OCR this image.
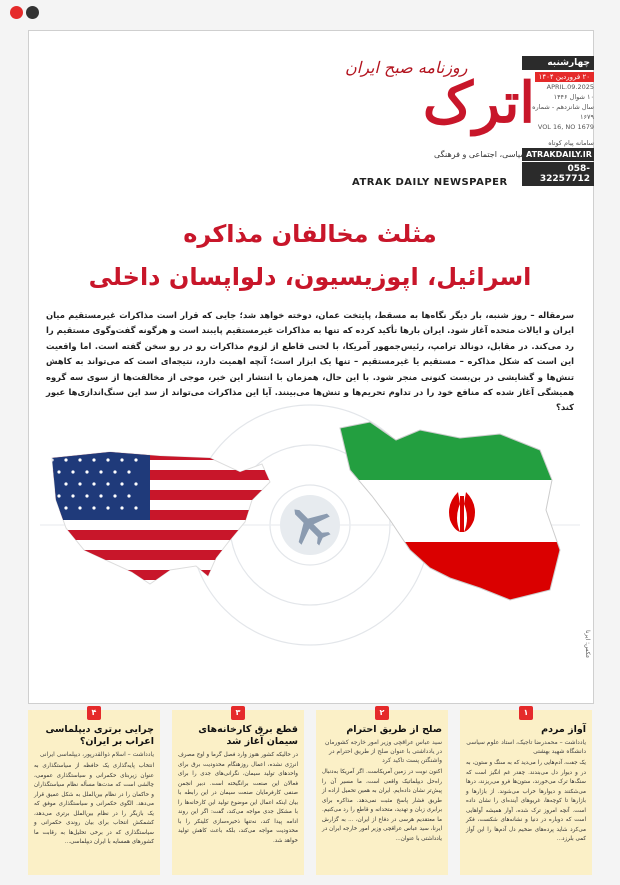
چهارشنبه
۲۰ فروردین ۱۴۰۴
APRIL.09.2025
۱۰ شوال ۱۴۴۶
سال شانزدهم - شماره ۱۶۷۹
VOL 16, NO 1679
سامانه پیام کوتاه
ATRAKDAILY.IR
058-32257712
روزنامه صبح ایران
اترک
سیاسی، اجتماعی و فرهنگی
ATRAK DAILY NEWSPAPER
مثلث مخالفان مذاکره
اسرائیل، اپوزیسیون، دلواپسان داخلی
سرمقاله – روز شنبه، بار دیگر نگاه‌ها به مسقط، پایتخت عمان، دوخته خواهد شد؛ جایی که قرار است مذاکرات غیرمستقیم میان ایران و ایالات متحده آغاز شود. ایران بارها تأکید کرده که تنها به مذاکرات غیرمستقیم پایبند است و هرگونه گفت‌وگوی مستقیم را رد می‌کند. در مقابل، دونالد ترامپ، رئیس‌جمهور آمریکا، با لحنی قاطع از لزوم مذاکرات رو در رو سخن گفته است. اما واقعیت این است که شکل مذاکره – مستقیم یا غیرمستقیم – تنها یک ابزار است؛ آنچه اهمیت دارد، نتیجه‌ای است که می‌تواند به کاهش تنش‌ها و گشایشی در بن‌بست کنونی منجر شود. با این حال، همزمان با انتشار این خبر، موجی از مخالفت‌ها از سوی سه گروه همیشگی آغاز شده که منافع خود را در تداوم تحریم‌ها و تنش‌ها می‌بینند. آیا این مذاکرات می‌تواند از سد این سنگ‌اندازی‌ها عبور کند؟
عکس: ایرنا
۱
آواز مردم
یادداشت – محمدرضا تاجیک، استاد علوم سیاسی دانشگاه شهید بهشتی

یک جفت، آدم‌هایی را می‌دید که به سنگ و ستون، به در و دیوار دل می‌بندند. چقدر غم انگیز است که سنگ‌ها ترک می‌خورند، ستون‌ها فرو می‌ریزند، درها می‌شکنند و دیوارها خراب می‌شوند. از بازارها و بازارها تا کوچه‌ها، غریوهای آینده‌ای را نشان داده است. آنچه امروز ترک شده، آوار همیشه آواهایی است که دوباره در دنیا و نشانه‌های شکست، فکر می‌کرد شاید پرده‌های ضخیم دل آدم‌ها را این آواز کمی بلرزد...

۲
صلح از طریق احترام
سید عباس عراقچی وزیر امور خارجه کشورمان در یادداشتی با عنوان صلح از طریق احترام در واشنگتن پست تاکید کرد

اکنون نوبت در زمین آمریکاست. اگر آمریکا به‌دنبال راه‌حل دیپلماتیک واقعی است، ما مسیر آن را پیش‌تر نشان داده‌ایم. ایران به همین تحمیل اراده از طریق فشار پاسخ مثبت نمی‌دهد. مذاکره برای برابری زبان و تهدید، متحدانه و قاطع را رد می‌کنیم. ما معتقدیم هرسی در دفاع از ایران، ... به گزارش ایرنا، سید عباس عراقچی وزیر امور خارجه ایران در یادداشتی با عنوان...

۳
قطع برق کارخانه‌های سیمان آغاز شد

در حالیکه کشور هنوز وارد فصل گرما و اوج مصرف انرژی نشده، اعمال روزهنگام محدودیت برق برای واحدهای تولید سیمان، نگرانی‌های جدی را برای فعالان این صنعت برانگیخته است. دبیر انجمن صنفی کارفرمایان صنعت سیمان در این رابطه با بیان اینکه اعمال این موضوع تولید این کارخانه‌ها را با مشکل جدی مواجه می‌کند، گفت: اگر این روند ادامه پیدا کند، نه‌تنها ذخیره‌سازی کلینکر را با محدودیت مواجه می‌کند، بلکه باعث کاهش تولید خواهد شد.

۴
چرایی برتری دیپلماسی اعراب بر ایران؟
یادداشت – اسلام ذوالقدرپور، دیپلماسی ایرانی

انتخاب پایه‌گذاری یک حافظه از سیاستگذاری به عنوان زیربنای حکمرانی و سیاستگذاری عمومی، چالشی است که مدت‌ها مسأله نظام سیاستگذاران و حاکمان را در نظام بین‌الملل به شکل عمیق قرار می‌دهد. الگوی حکمرانی و سیاستگذاری موفق که یک بازیگر را در نظام بین‌الملل برتری می‌دهد، کشمکش انتخاب برای بیان روندی حکمرانی و سیاستگذاری که در برخی تحلیل‌ها به رقابت ما کشورهای همسایه با ایران دیپلماسی...
